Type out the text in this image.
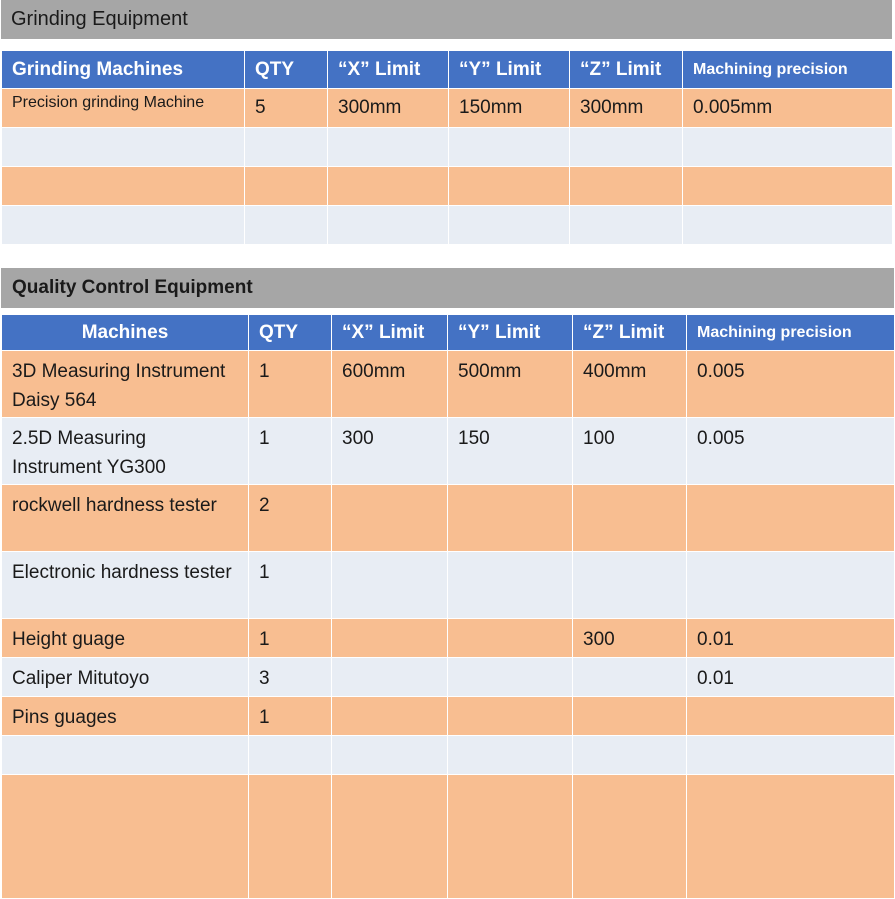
Grinding Equipment
Grinding Machines	QTY	“X” Limit	“Y” Limit	“Z” Limit	Machining precision
Precision grinding Machine	5	300mm	150mm	300mm	0.005mm

Quality Control Equipment
Machines	QTY	“X” Limit	“Y” Limit	“Z” Limit	Machining precision
3D Measuring Instrument Daisy 564	1	600mm	500mm	400mm	0.005
2.5D Measuring Instrument YG300	1	300	150	100	0.005
rockwell hardness tester	2				
Electronic hardness tester	1				
Height guage	1			300	0.01
Caliper Mitutoyo	3				0.01
Pins guages	1				
